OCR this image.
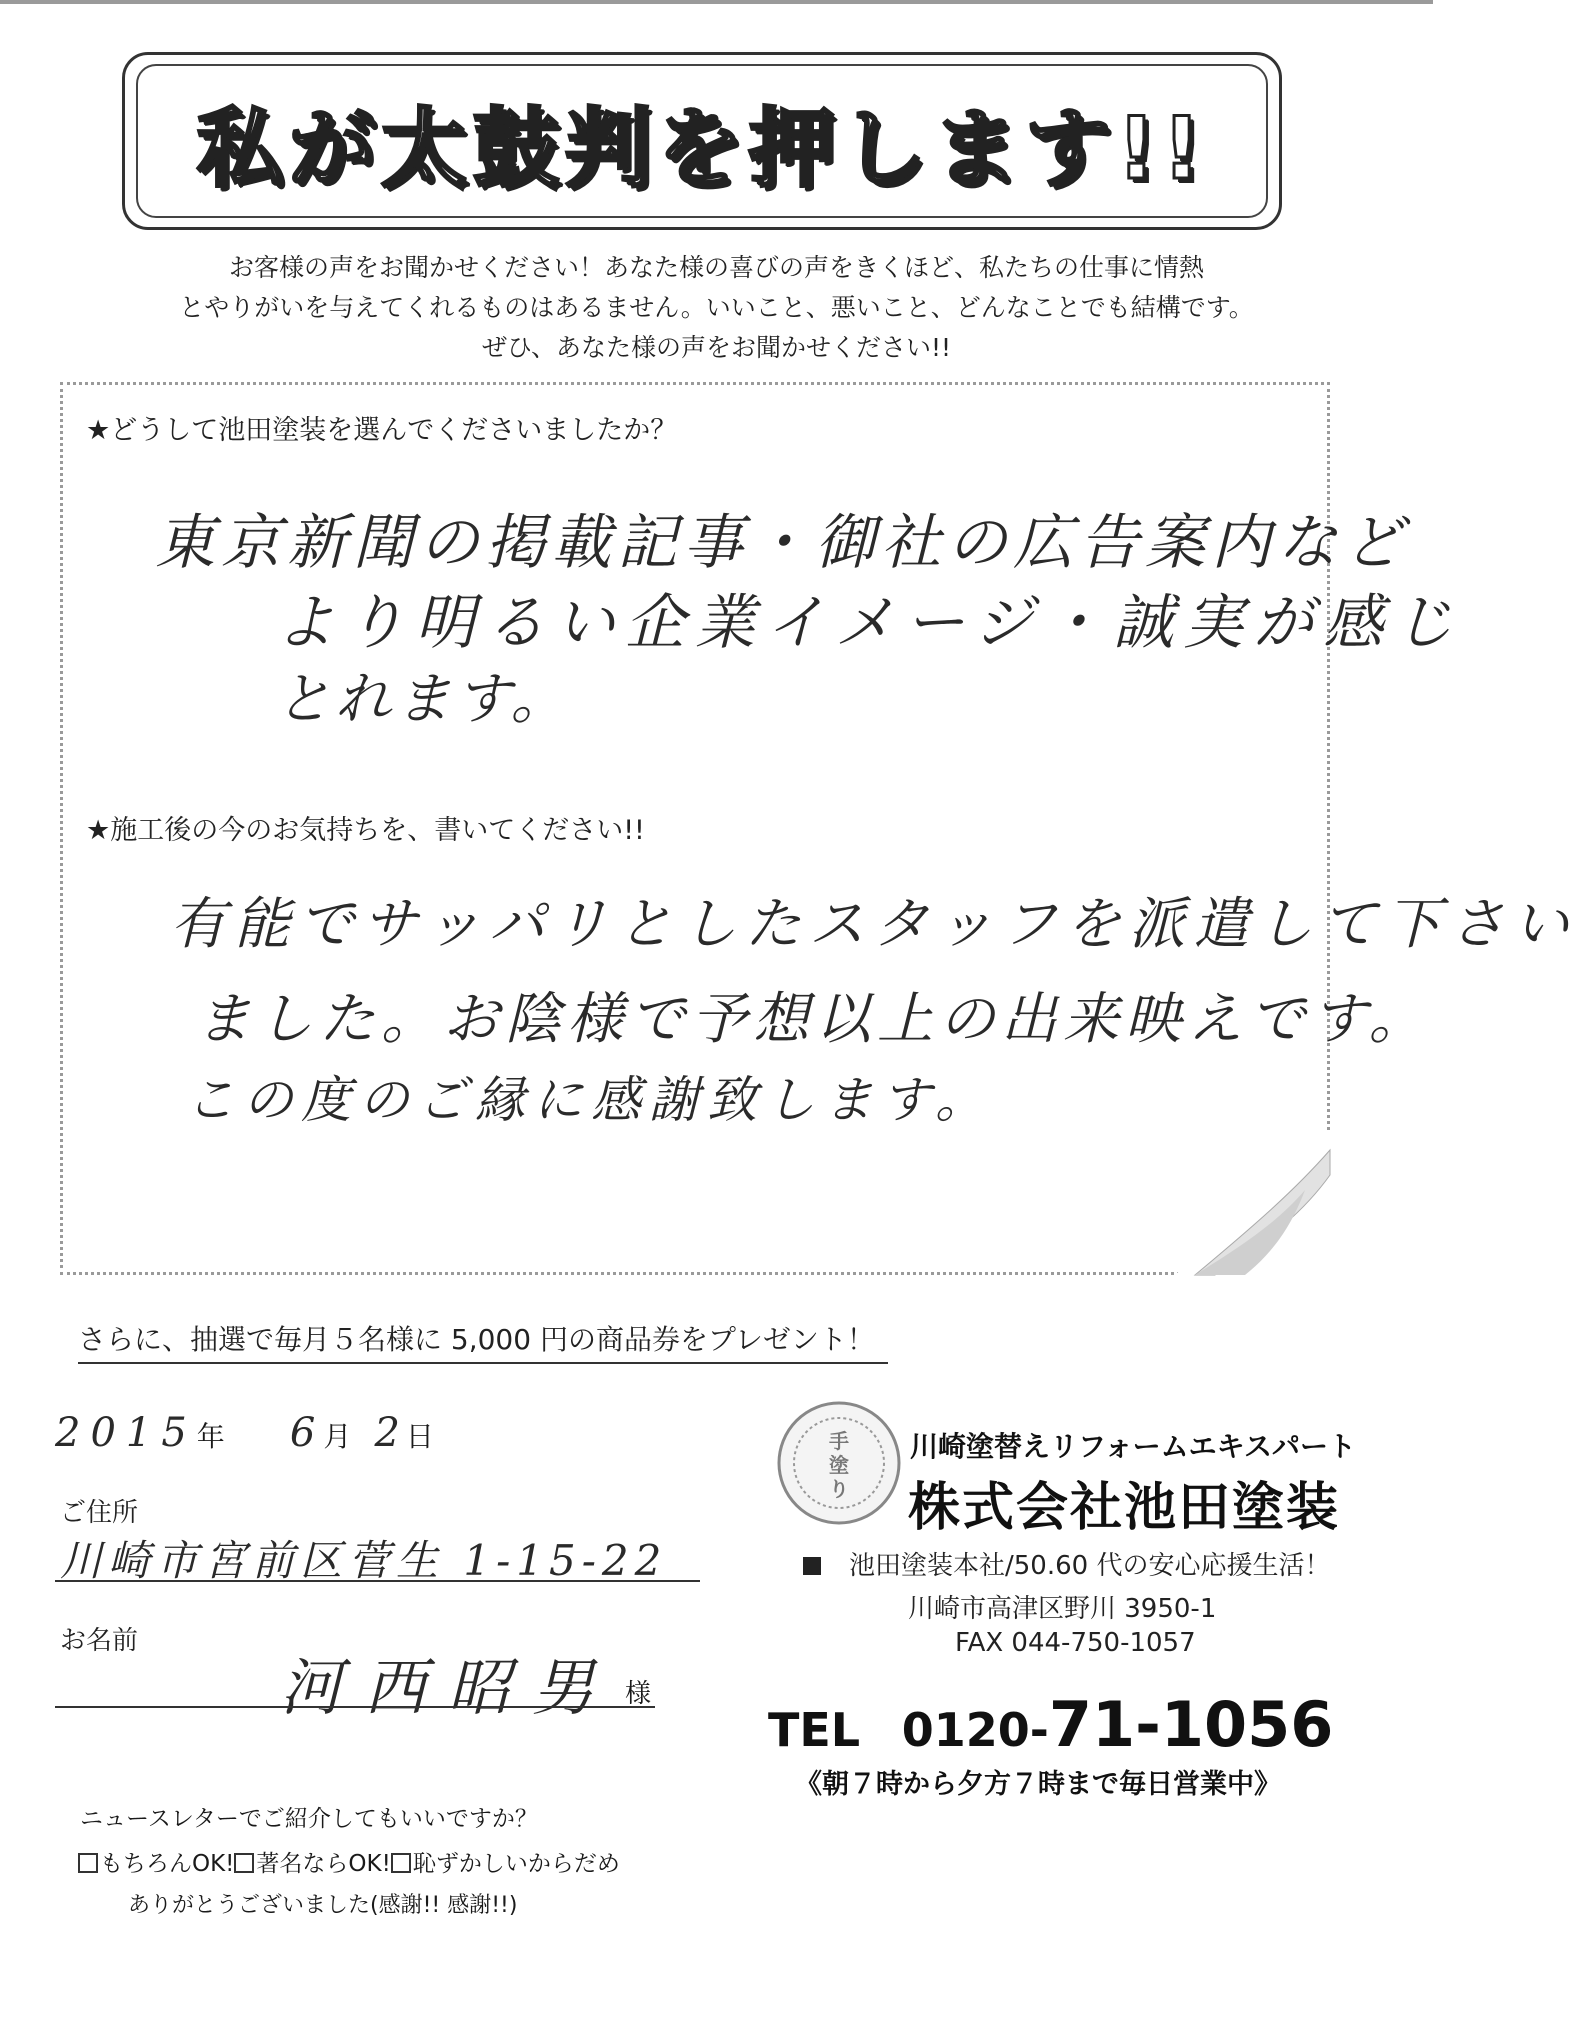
私が太鼓判を押します!!
お客様の声をお聞かせください！あなた様の喜びの声をきくほど、私たちの仕事に情熱
とやりがいを与えてくれるものはあるません。いいこと、悪いこと、どんなことでも結構です。
ぜひ、あなた様の声をお聞かせください!!
★どうして池田塗装を選んでくださいましたか？
東京新聞の掲載記事・御社の広告案内など
より明るい企業イメージ・誠実が感じ
とれます。
★施工後の今のお気持ちを、書いてください!!
有能でサッパリとしたスタッフを派遣して下さい
ました。お陰様で予想以上の出来映えです。
この度のご縁に感謝致します。
さらに、抽選で毎月５名様に 5,000 円の商品券をプレゼント！
2015年 6 月 2 日
ご住所
川崎市宮前区菅生 1-15-22
お名前
河西昭男 様
ニュースレターでご紹介してもいいですか？
もちろんOK! 著名ならOK! 恥ずかしいからだめ
ありがとうございました(感謝!! 感謝!!)
手
塗
り
川崎塗替えリフォームエキスパート
株式会社池田塗装
池田塗装本社/50.60 代の安心応援生活！
川崎市高津区野川 3950-1
FAX 044-750-1057
TEL 0120-71-1056
《朝７時から夕方７時まで毎日営業中》
